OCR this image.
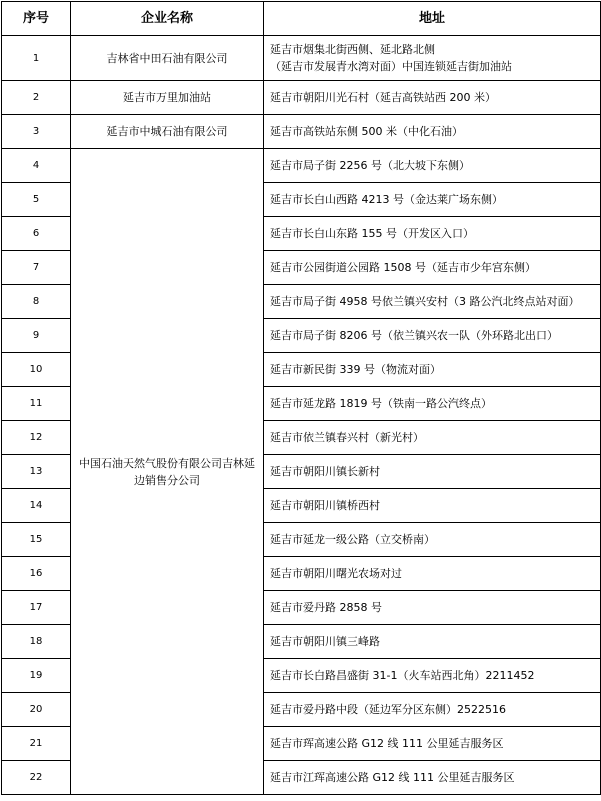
序号	企业名称	地址
1	吉林省中田石油有限公司	延吉市烟集北街西侧、延北路北侧
（延吉市发展青水湾对面）中国连锁延吉街加油站

2	延吉市万里加油站	延吉市朝阳川光石村（延吉高铁站西 200 米）
3	延吉市中城石油有限公司	延吉市高铁站东侧 500 米（中化石油）
4	中国石油天然气股份有限公司吉林延边销售分公司	延吉市局子街 2256 号（北大坡下东侧）
5		延吉市长白山西路 4213 号（金达莱广场东侧）
6		延吉市长白山东路 155 号（开发区入口）
7		延吉市公园街道公园路 1508 号（延吉市少年宫东侧）
8		延吉市局子街 4958 号依兰镇兴安村（3 路公汽北终点站对面）
9		延吉市局子街 8206 号（依兰镇兴农一队（外环路北出口）
10		延吉市新民街 339 号（物流对面）
11		延吉市延龙路 1819 号（铁南一路公汽终点）
12		延吉市依兰镇春兴村（新光村）
13		延吉市朝阳川镇长新村
14		延吉市朝阳川镇桥西村
15		延吉市延龙一级公路（立交桥南）
16		延吉市朝阳川曙光农场对过
17		延吉市爱丹路 2858 号
18		延吉市朝阳川镇三峰路
19		延吉市长白路昌盛街 31-1（火车站西北角）2211452
20		延吉市爱丹路中段（延边军分区东侧）2522516
21		延吉市珲高速公路 G12 线 111 公里延吉服务区
22		延吉市江珲高速公路 G12 线 111 公里延吉服务区
